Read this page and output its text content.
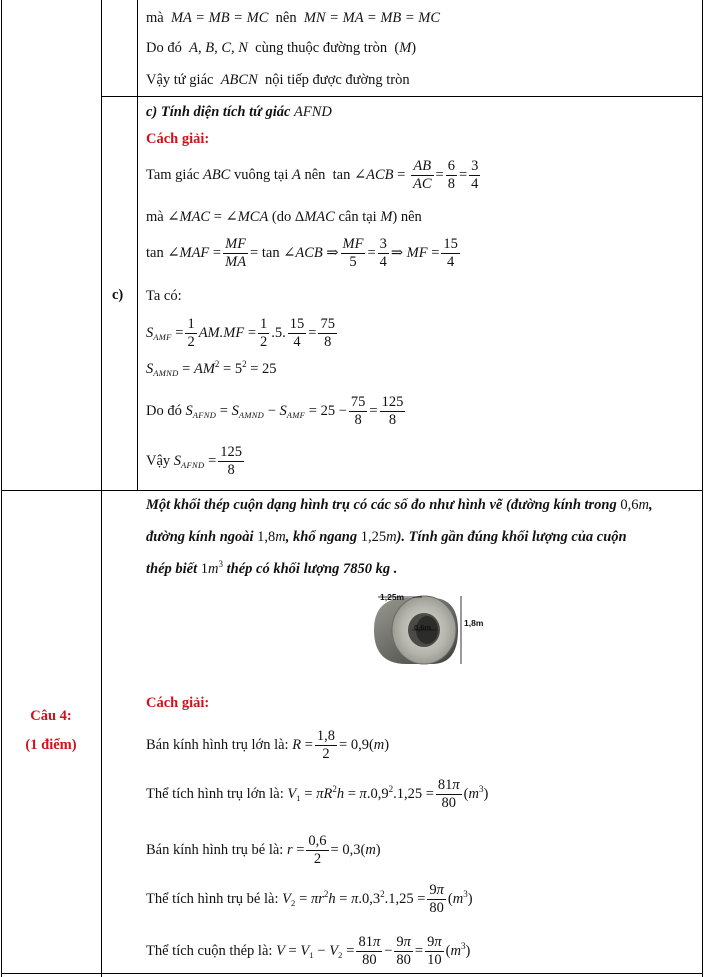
mà  MA = MB = MC  nên  MN = MA = MB = MC
Do đó  A, B, C, N  cùng thuộc đường tròn  (M)
Vậy tứ giác  ABCN  nội tiếp được đường tròn
c)
c) Tính diện tích tứ giác AFND
Cách giải:
Tam giác ABC vuông tại A nên  tan ∠ACB = $\frac{AB}{AC} = \frac{6}{8} = \frac{3}{4}$
mà ∠MAC = ∠MCA (do ΔMAC cân tại M) nên
tan ∠MAF = $\frac{MF}{MA} = \tan$ ∠ACB ⇒ $\frac{MF}{5} = \frac{3}{4}$ ⇒ MF = $\frac{15}{4}$
Ta có:
$S_{AMF} = \frac{1}{2} AM.MF = \frac{1}{2} .5$. $\frac{15}{4} = \frac{75}{8}$
$S_{AMND} = AM^2 = 5^2 = 25$
Do đó $S_{AFND} = S_{AMND} - S_{AMF} = 25 - \frac{75}{8} = \frac{125}{8}$
Vậy $S_{AFND} = \frac{125}{8}$
Câu 4:
(1 điểm)
Một khối thép cuộn dạng hình trụ có các số đo như hình vẽ (đường kính trong 0,6m,
đường kính ngoài 1,8m, khổ ngang 1,25m). Tính gần đúng khối lượng của cuộn
thép biết $1m^3$ thép có khối lượng 7850 kg .
1,25m
1,8m
0,6m
Cách giải:
Bán kính hình trụ lớn là: $R = \frac{1,8}{2} = 0,9(m)$
Thể tích hình trụ lớn là: $V_1 = \pi R^2h = \pi.0,9^2.1,25 = \frac{81\pi}{80} (m^3)$
Bán kính hình trụ bé là: $r = \frac{0,6}{2} = 0,3(m)$
Thể tích hình trụ bé là: $V_2 = \pi r^2h = \pi.0,3^2.1,25 = \frac{9\pi}{80} (m^3)$
Thể tích cuộn thép là: $V = V_1 - V_2 = \frac{81\pi}{80} - \frac{9\pi}{80} = \frac{9\pi}{10} (m^3)$
